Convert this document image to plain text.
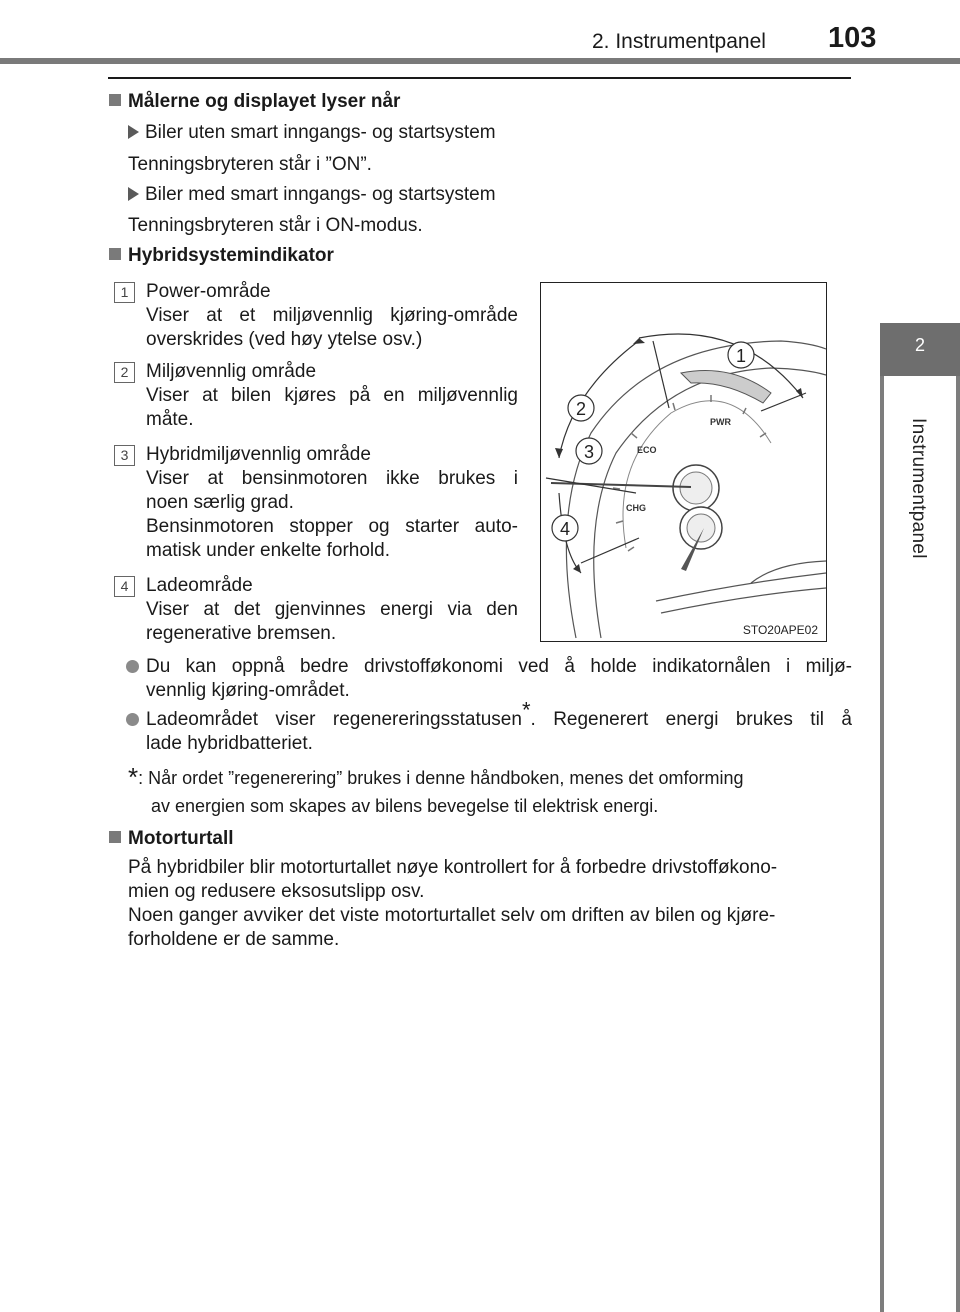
2. Instrumentpanel 103
2
Instrumentpanel
Målerne og displayet lyser når
Biler uten smart inngangs- og startsystem
Tenningsbryteren står i ”ON”.
Biler med smart inngangs- og startsystem
Tenningsbryteren står i ON-modus.
Hybridsystemindikator
1 Power-område
Viser at et miljøvennlig kjøring-område
overskrides (ved høy ytelse osv.)
2 Miljøvennlig område
Viser at bilen kjøres på en miljøvennlig
måte.
3 Hybridmiljøvennlig område
Viser at bensinmotoren ikke brukes i
noen særlig grad.
Bensinmotoren stopper og starter auto-
matisk under enkelte forhold.
4 Ladeområde
Viser at det gjenvinnes energi via den
regenerative bremsen.
PWR
ECO
CHG
1
2
3
4
STO20APE02
Du kan oppnå bedre drivstofføkonomi ved å holde indikatornålen i miljø-
vennlig kjøring-området.
Ladeområdet viser regenereringsstatusen*. Regenerert energi brukes til å
lade hybridbatteriet.
*: Når ordet ”regenerering” brukes i denne håndboken, menes det omforming
av energien som skapes av bilens bevegelse til elektrisk energi.
Motorturtall
På hybridbiler blir motorturtallet nøye kontrollert for å forbedre drivstofføkono-
mien og redusere eksosutslipp osv.
Noen ganger avviker det viste motorturtallet selv om driften av bilen og kjøre-
forholdene er de samme.
